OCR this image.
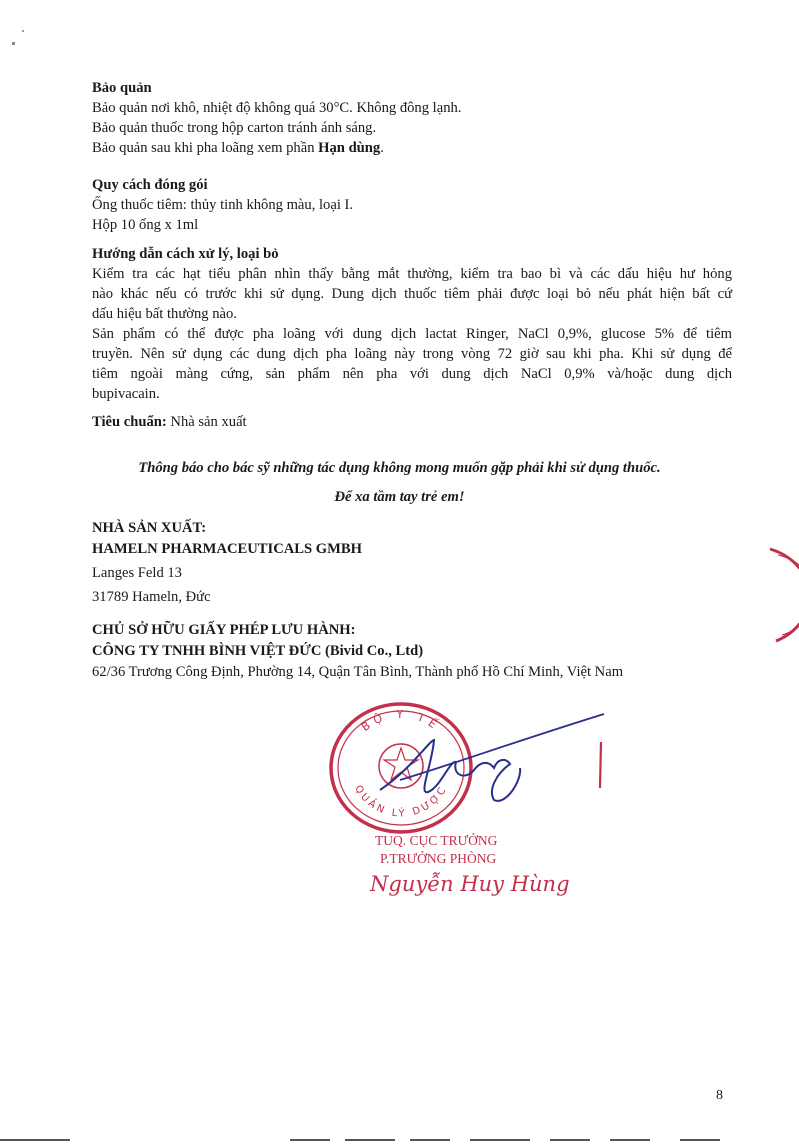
Bảo quản
Bảo quản nơi khô, nhiệt độ không quá 30°C. Không đông lạnh.
Bảo quản thuốc trong hộp carton tránh ánh sáng.
Bảo quản sau khi pha loãng xem phần Hạn dùng.
Quy cách đóng gói
Ống thuốc tiêm: thủy tinh không màu, loại I.
Hộp 10 ống x 1ml
Hướng dẫn cách xử lý, loại bỏ
Kiểm tra các hạt tiểu phân nhìn thấy bằng mắt thường, kiểm tra bao bì và các dấu hiệu hư hỏng
nào khác nếu có trước khi sử dụng. Dung dịch thuốc tiêm phải được loại bỏ nếu phát hiện bất cứ
dấu hiệu bất thường nào.
Sản phẩm có thể được pha loãng với dung dịch lactat Ringer, NaCl 0,9%, glucose 5% để tiêm
truyền. Nên sử dụng các dung dịch pha loãng này trong vòng 72 giờ sau khi pha. Khi sử dụng để
tiêm ngoài màng cứng, sản phẩm nên pha với dung dịch NaCl 0,9% và/hoặc dung dịch
bupivacain.
Tiêu chuẩn: Nhà sản xuất
Thông báo cho bác sỹ những tác dụng không mong muốn gặp phải khi sử dụng thuốc.
Để xa tầm tay trẻ em!
NHÀ SẢN XUẤT:
HAMELN PHARMACEUTICALS GMBH
Langes Feld 13
31789 Hameln, Đức
CHỦ SỞ HỮU GIẤY PHÉP LƯU HÀNH:
CÔNG TY TNHH BÌNH VIỆT ĐỨC (Bivid Co., Ltd)
62/36 Trương Công Định, Phường 14, Quận Tân Bình, Thành phố Hồ Chí Minh, Việt Nam
BỘ Y TẾ
QUẢN LÝ DƯỢC
TUQ. CỤC TRƯỞNG
P.TRƯỞNG PHÒNG
Nguyễn Huy Hùng
8
